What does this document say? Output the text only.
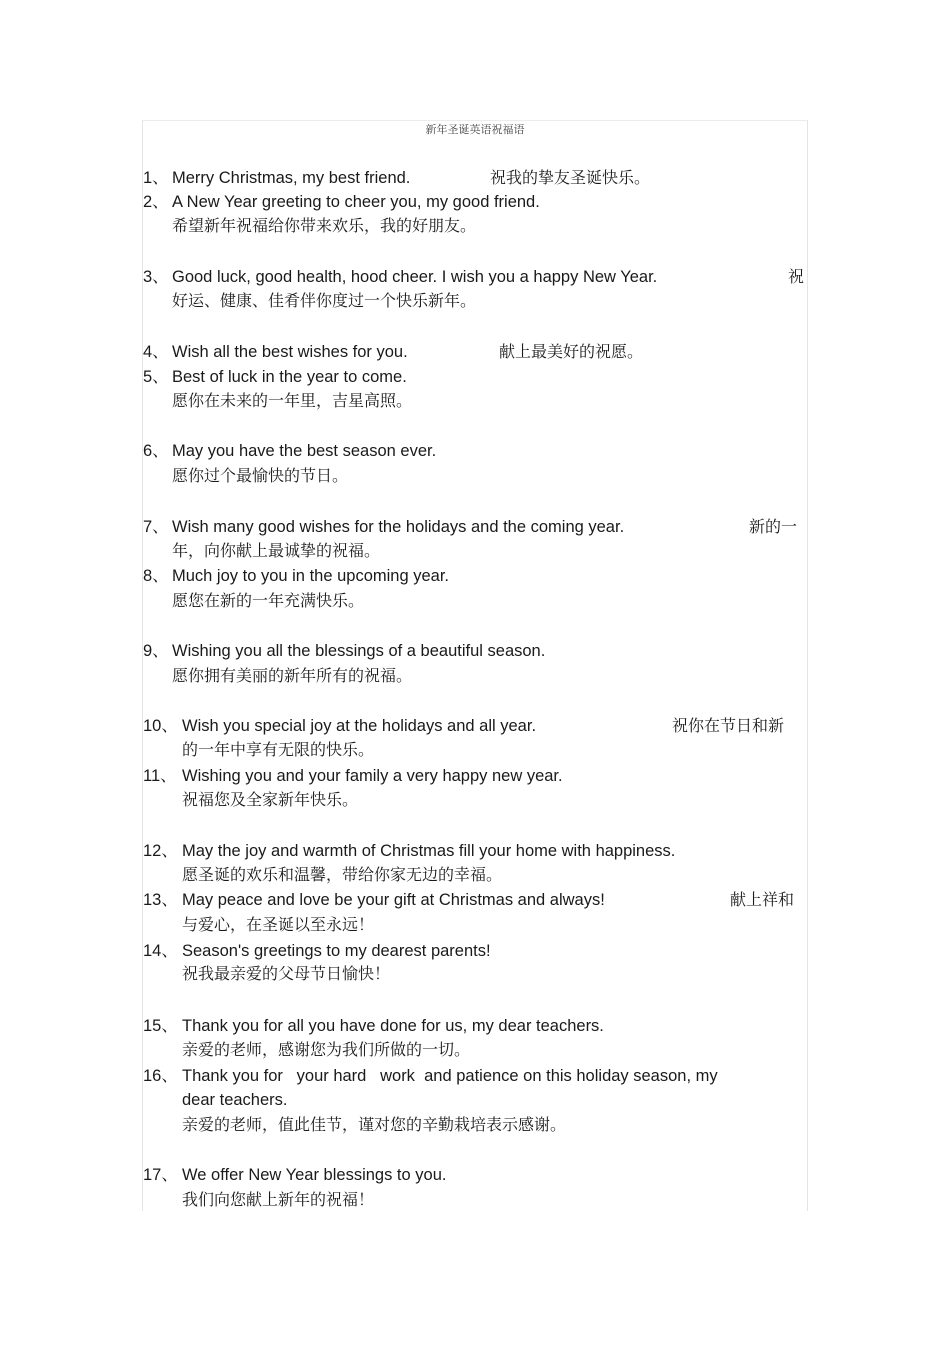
新年圣诞英语祝福语
1、 Merry Christmas, my best friend.	祝我的挚友圣诞快乐。
2、 A New Year greeting to cheer you, my good friend.
希望新年祝福给你带来欢乐，我的好朋友。
3、 Good luck, good health, hood cheer. I wish you a happy New Year.	祝
好运、健康、佳肴伴你度过一个快乐新年。
4、 Wish all the best wishes for you.	献上最美好的祝愿。
5、 Best of luck in the year to come.
愿你在未来的一年里，吉星高照。
6、 May you have the best season ever.
愿你过个最愉快的节日。
7、 Wish many good wishes for the holidays and the coming year.	新的一
年，向你献上最诚挚的祝福。
8、 Much joy to you in the upcoming year.
愿您在新的一年充满快乐。
9、 Wishing you all the blessings of a beautiful season.
愿你拥有美丽的新年所有的祝福。
10、 Wish you special joy at the holidays and all year.	祝你在节日和新
的一年中享有无限的快乐。
11、 Wishing you and your family a very happy new year.
祝福您及全家新年快乐。
12、 May the joy and warmth of Christmas fill your home with happiness.
愿圣诞的欢乐和温馨，带给你家无边的幸福。
13、 May peace and love be your gift at Christmas and always!	献上祥和
与爱心，在圣诞以至永远！
14、 Season's greetings to my dearest parents!
祝我最亲爱的父母节日愉快！
15、 Thank you for all you have done for us, my dear teachers.
亲爱的老师，感谢您为我们所做的一切。
16、 Thank you for   your hard   work  and patience on this holiday season, my
dear teachers.
亲爱的老师，值此佳节，谨对您的辛勤栽培表示感谢。
17、 We offer New Year blessings to you.
我们向您献上新年的祝福！
